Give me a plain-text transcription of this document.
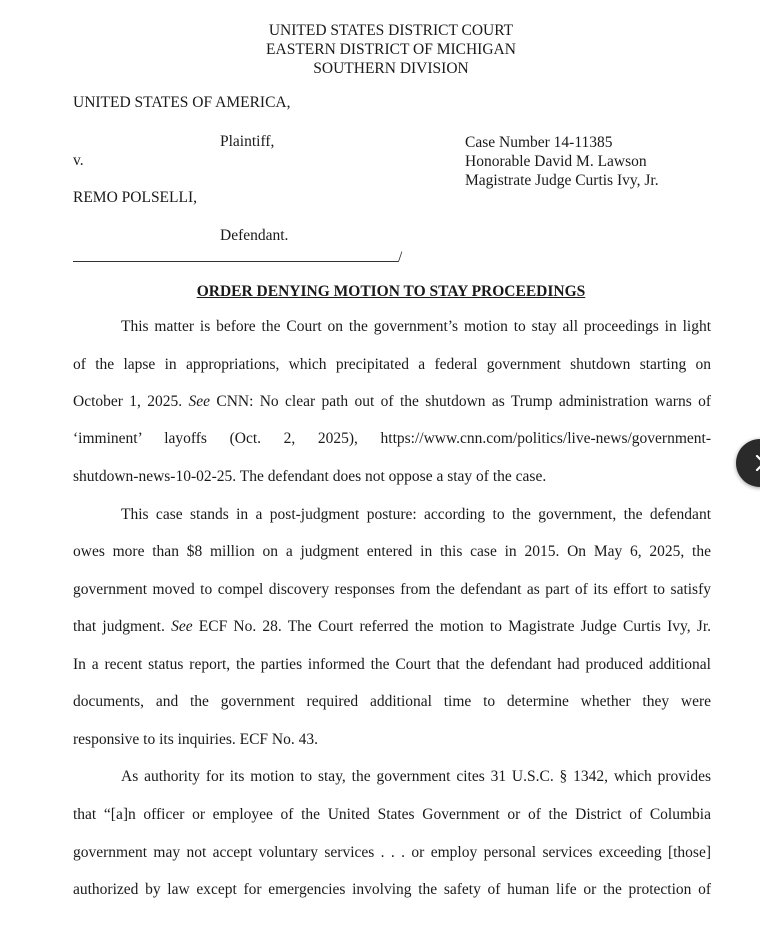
UNITED STATES DISTRICT COURT
EASTERN DISTRICT OF MICHIGAN
SOUTHERN DIVISION
UNITED STATES OF AMERICA,
Plaintiff,
v.
REMO POLSELLI,
Defendant.
/
Case Number 14-11385
Honorable David M. Lawson
Magistrate Judge Curtis Ivy, Jr.
ORDER DENYING MOTION TO STAY PROCEEDINGS
This matter is before the Court on the government’s motion to stay all proceedings in light
of the lapse in appropriations, which precipitated a federal government shutdown starting on
October 1, 2025. See CNN: No clear path out of the shutdown as Trump administration warns of
‘imminent’ layoffs (Oct. 2, 2025), https://www.cnn.com/politics/live-news/government-
shutdown-news-10-02-25. The defendant does not oppose a stay of the case.
This case stands in a post-judgment posture: according to the government, the defendant
owes more than $8 million on a judgment entered in this case in 2015. On May 6, 2025, the
government moved to compel discovery responses from the defendant as part of its effort to satisfy
that judgment. See ECF No. 28. The Court referred the motion to Magistrate Judge Curtis Ivy, Jr.
In a recent status report, the parties informed the Court that the defendant had produced additional
documents, and the government required additional time to determine whether they were
responsive to its inquiries. ECF No. 43.
As authority for its motion to stay, the government cites 31 U.S.C. § 1342, which provides
that “[a]n officer or employee of the United States Government or of the District of Columbia
government may not accept voluntary services . . . or employ personal services exceeding [those]
authorized by law except for emergencies involving the safety of human life or the protection of
